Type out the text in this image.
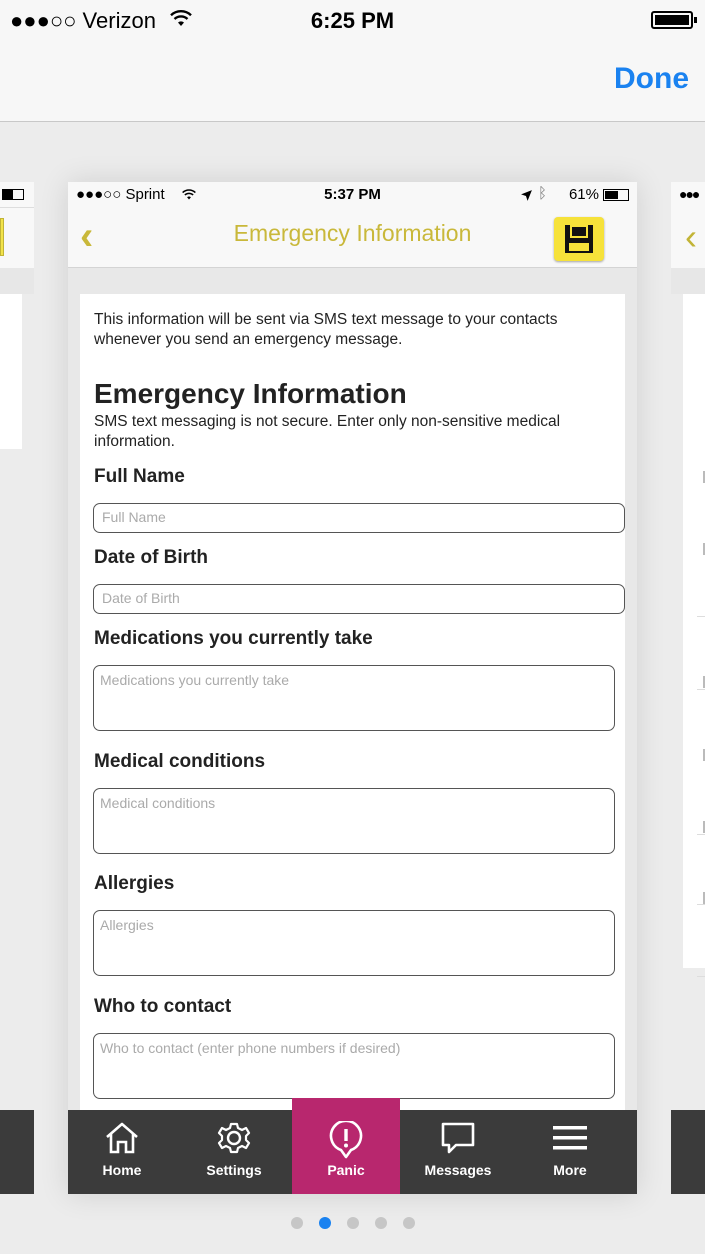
●●●○○ Verizon	6:25 PM
Done
●●●
‹
●●●○○ Sprint	5:37 PM	ᛒ 61%
‹	Emergency Information
This information will be sent via SMS text message to your contacts whenever you send an emergency message.
Emergency Information
SMS text messaging is not secure. Enter only non-sensitive medical information.
Full Name
Full Name
Date of Birth
Date of Birth
Medications you currently take
Medications you currently take
Medical conditions
Medical conditions
Allergies
Allergies
Who to contact
Who to contact (enter phone numbers if desired)
Home	Settings	Panic	Messages	More
